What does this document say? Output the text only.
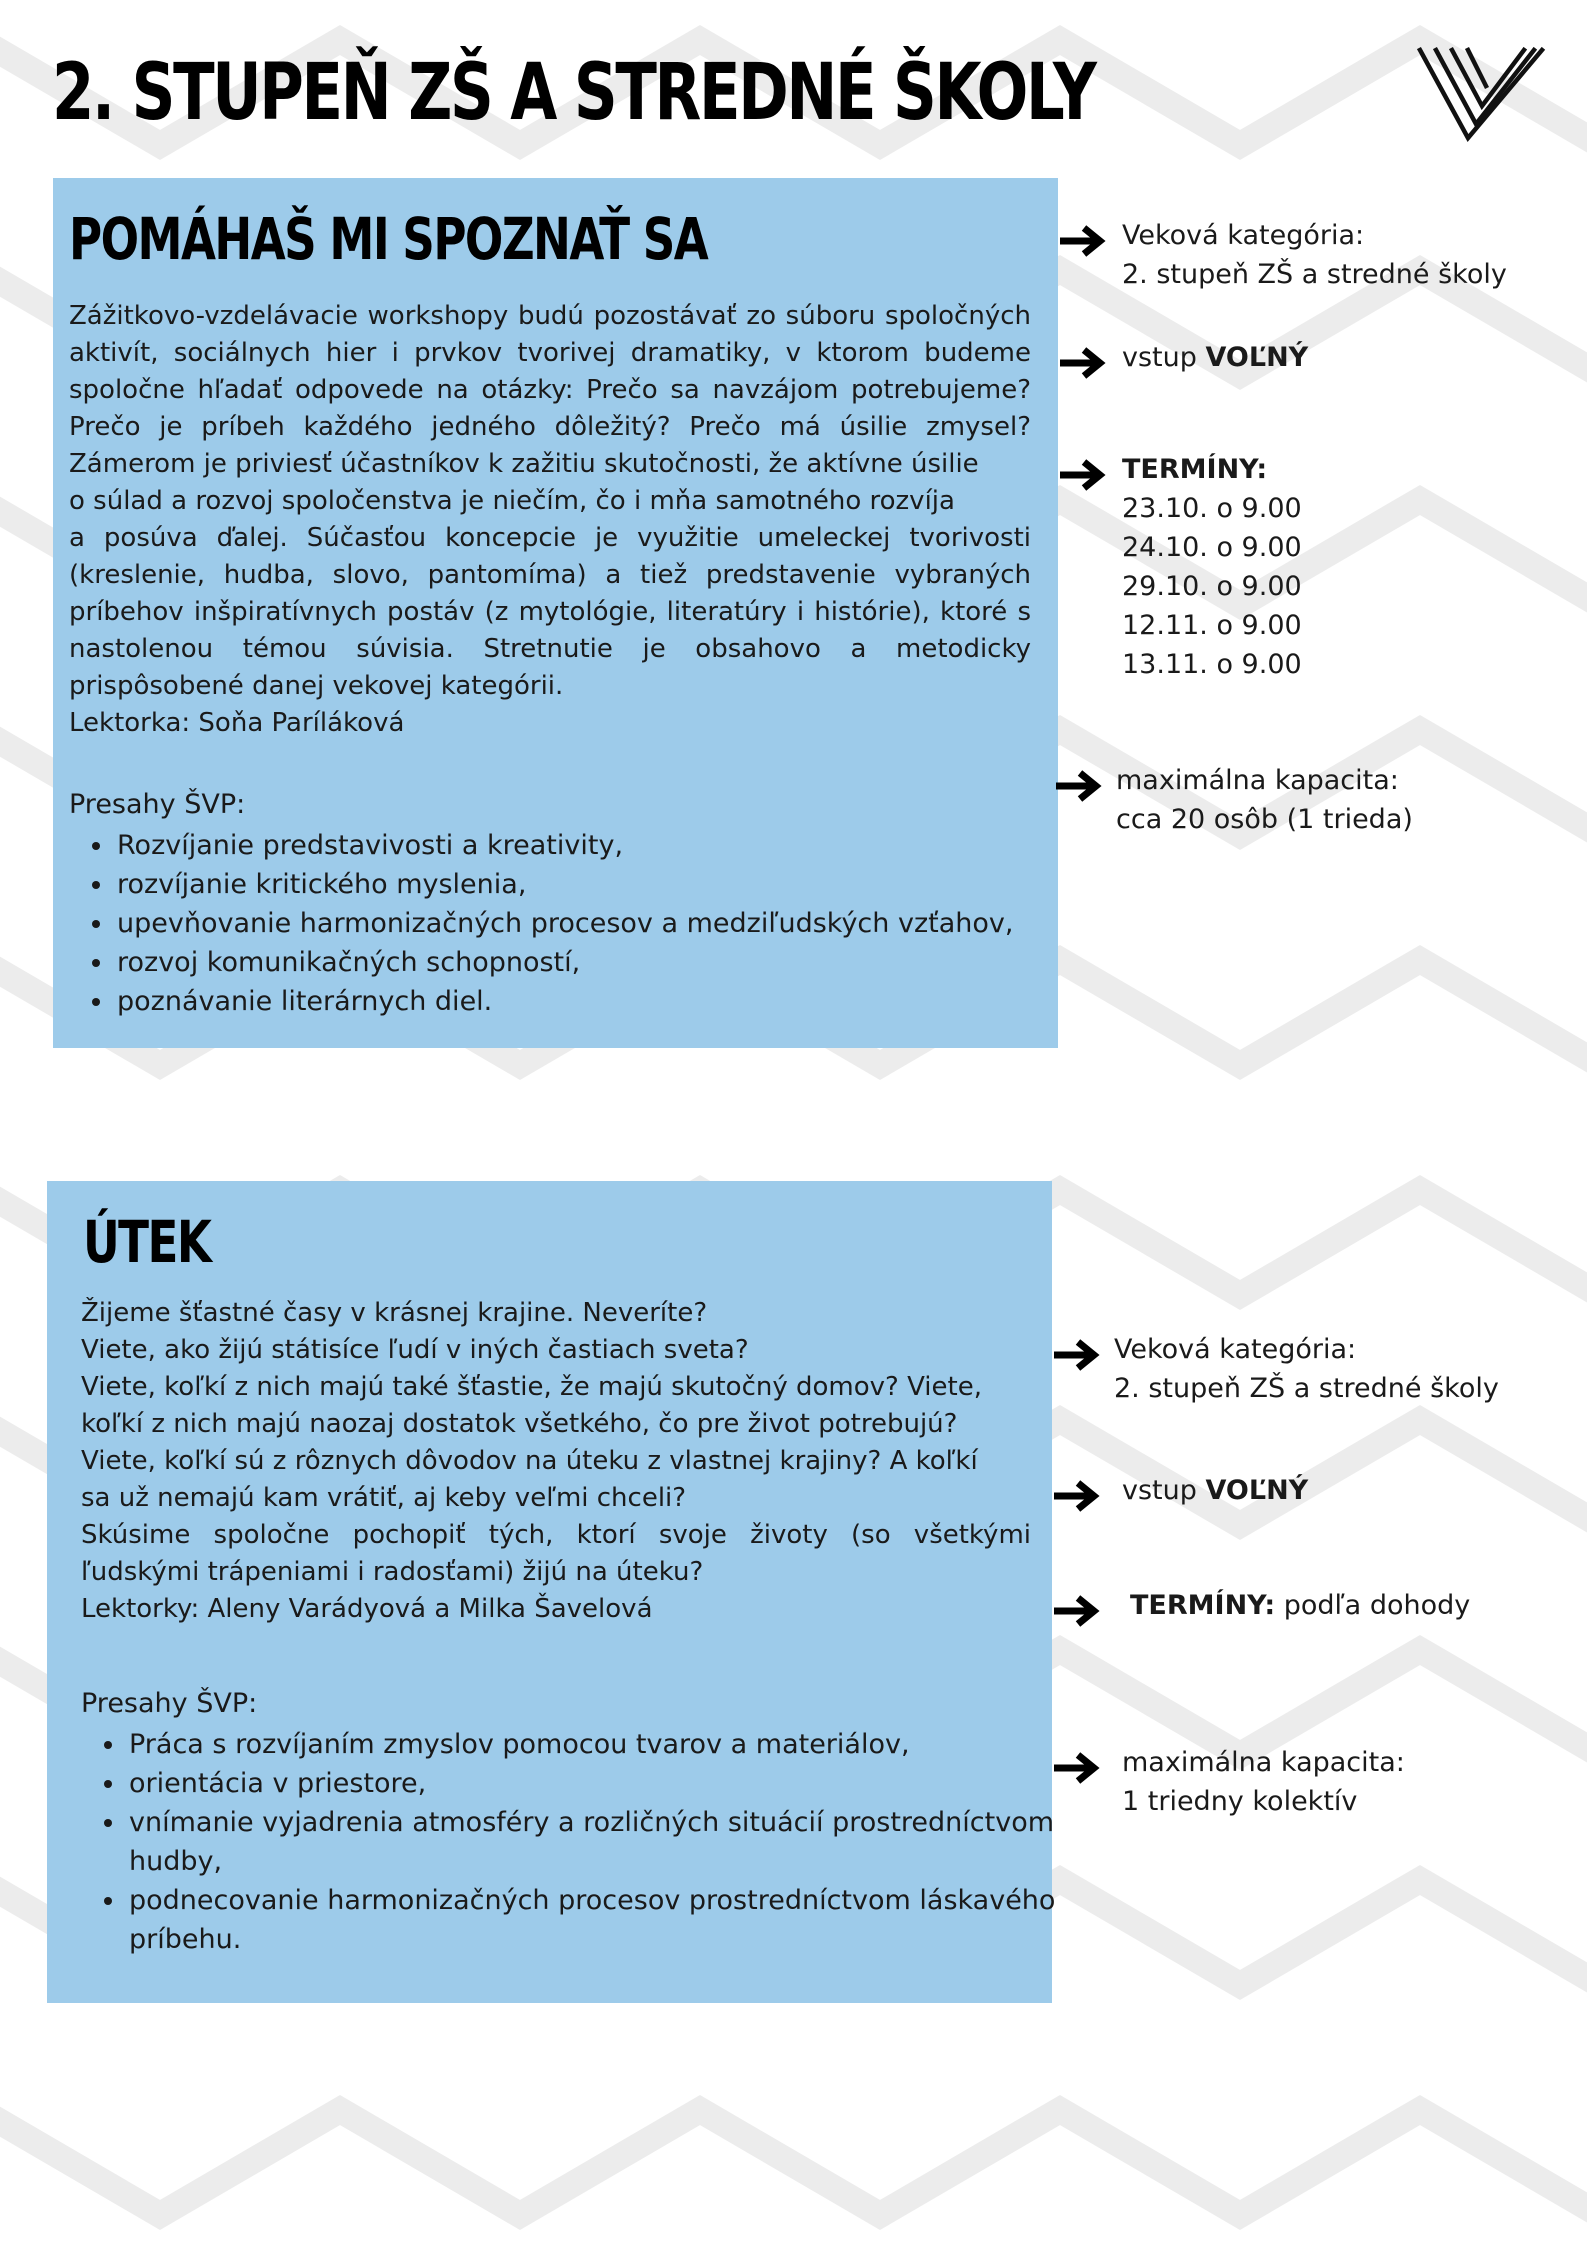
2. STUPEŇ ZŠ A STREDNÉ ŠKOLY
POMÁHAŠ MI SPOZNAŤ SA

Zážitkovo-vzdelávacie workshopy budú pozostávať zo súboru spoločných
aktivít, sociálnych hier i prvkov tvorivej dramatiky, v ktorom budeme
spoločne hľadať odpovede na otázky: Prečo sa navzájom potrebujeme?
Prečo je príbeh každého jedného dôležitý? Prečo má úsilie zmysel?
Zámerom je priviesť účastníkov k zažitiu skutočnosti, že aktívne úsilie
o súlad a rozvoj spoločenstva je niečím, čo i mňa samotného rozvíja
a posúva ďalej. Súčasťou koncepcie je využitie umeleckej tvorivosti
(kreslenie, hudba, slovo, pantomíma) a tiež predstavenie vybraných
príbehov inšpiratívnych postáv (z mytológie, literatúry i histórie), ktoré s
nastolenou témou súvisia. Stretnutie je obsahovo a metodicky
prispôsobené danej vekovej kategórii.
Lektorka: Soňa Paríláková

Presahy ŠVP:

• Rozvíjanie predstavivosti a kreativity,
• rozvíjanie kritického myslenia,
• upevňovanie harmonizačných procesov a medziľudských vzťahov,
• rozvoj komunikačných schopností,
• poznávanie literárnych diel.
Veková kategória:
2. stupeň ZŠ a stredné školy
vstup VOĽNÝ
TERMÍNY:
23.10. o 9.00
24.10. o 9.00
29.10. o 9.00
12.11. o 9.00
13.11. o 9.00
maximálna kapacita:
cca 20 osôb (1 trieda)
ÚTEK

Žijeme šťastné časy v krásnej krajine. Neveríte?
Viete, ako žijú státisíce ľudí v iných častiach sveta?
Viete, koľkí z nich majú také šťastie, že majú skutočný domov? Viete,
koľkí z nich majú naozaj dostatok všetkého, čo pre život potrebujú?
Viete, koľkí sú z rôznych dôvodov na úteku z vlastnej krajiny? A koľkí
sa už nemajú kam vrátiť, aj keby veľmi chceli?
Skúsime spoločne pochopiť tých, ktorí svoje životy (so všetkými
ľudskými trápeniami i radosťami) žijú na úteku?
Lektorky: Aleny Varádyová a Milka Šavelová

Presahy ŠVP:

• Práca s rozvíjaním zmyslov pomocou tvarov a materiálov,
• orientácia v priestore,
• vnímanie vyjadrenia atmosféry a rozličných situácií prostredníctvom hudby,
• podnecovanie harmonizačných procesov prostredníctvom láskavého príbehu.
Veková kategória:
2. stupeň ZŠ a stredné školy
vstup VOĽNÝ
TERMÍNY: podľa dohody
maximálna kapacita:
1 triedny kolektív
